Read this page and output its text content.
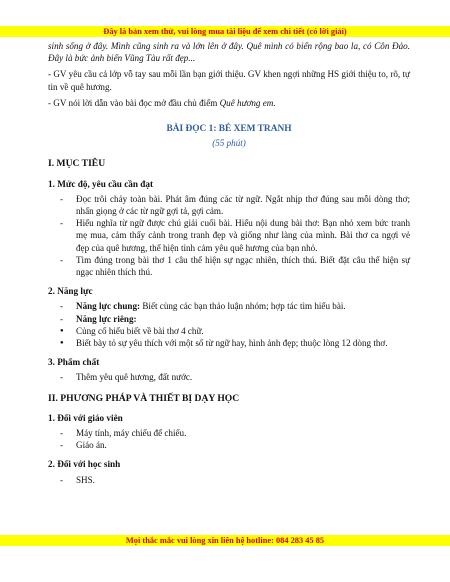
Đây là bản xem thử, vui lòng mua tài liệu để xem chi tiết (có lời giải)

sinh sống ở đây. Mình cũng sinh ra và lớn lên ở đây. Quê mình có biển rộng bao la, có Côn Đảo. Đây là bức ảnh biển Vũng Tàu rất đẹp...

- GV yêu cầu cả lớp vỗ tay sau mỗi lần bạn giới thiệu. GV khen ngợi những HS giới thiệu to, rõ, tự tin về quê hương.

- GV nói lời dẫn vào bài đọc mở đầu chủ điểm Quê hương em.

BÀI ĐỌC 1: BÉ XEM TRANH

(55 phút)

I. MỤC TIÊU

1. Mức độ, yêu cầu cần đạt

- Đọc trôi chảy toàn bài. Phát âm đúng các từ ngữ. Ngắt nhịp thơ đúng sau mỗi dòng thơ; nhấn giọng ở các từ ngữ gợi tả, gợi cảm.
- Hiểu nghĩa từ ngữ được chú giải cuối bài. Hiểu nội dung bài thơ: Bạn nhỏ xem bức tranh mẹ mua, cảm thấy cảnh trong tranh đẹp và giống như làng của mình. Bài thơ ca ngợi vẻ đẹp của quê hương, thể hiện tình cảm yêu quê hương của bạn nhỏ.
- Tìm đúng trong bài thơ 1 câu thể hiện sự ngạc nhiên, thích thú. Biết đặt câu thể hiện sự ngạc nhiên thích thú.

2. Năng lực

- Năng lực chung: Biết cùng các bạn thảo luận nhóm; hợp tác tìm hiểu bài.
- Năng lực riêng:
● Củng cố hiểu biết về bài thơ 4 chữ.
● Biết bày tỏ sự yêu thích với một số từ ngữ hay, hình ảnh đẹp; thuộc lòng 12 dòng thơ.

3. Phẩm chất

- Thêm yêu quê hương, đất nước.

II. PHƯƠNG PHÁP VÀ THIẾT BỊ DẠY HỌC

1. Đối với giáo viên

- Máy tính, máy chiếu để chiếu.
- Giáo án.

2. Đối với học sinh

- SHS.
Mọi thắc mắc vui lòng xin liên hệ hotline: 084 283 45 85
